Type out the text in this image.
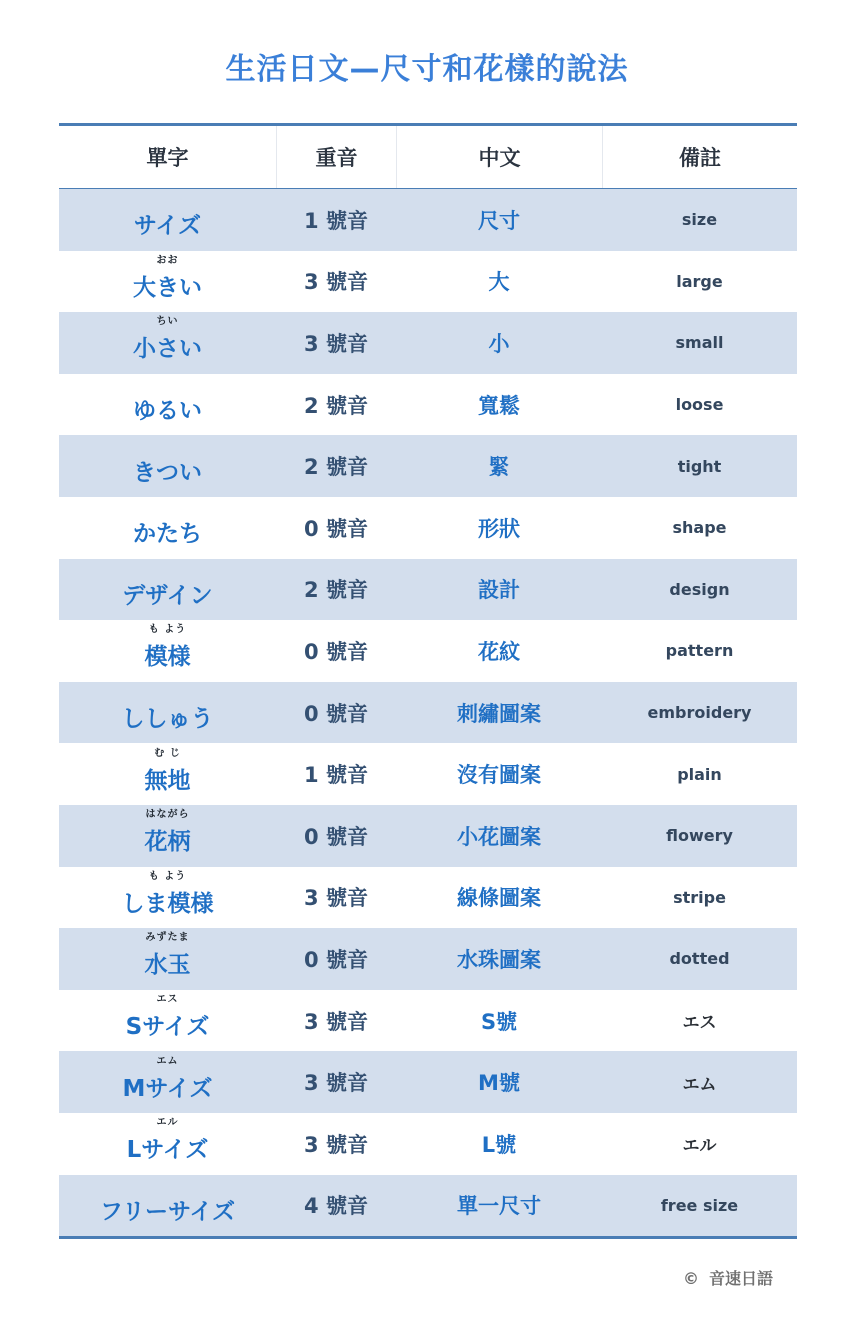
生活日文—尺寸和花樣的說法
單字	重音	中文	備註
サイズ	1 號音	尺寸	size
おお
大きい	3 號音	大	large
ちい
小さい	3 號音	小	small
ゆるい	2 號音	寬鬆	loose
きつい	2 號音	緊	tight
かたち	0 號音	形狀	shape
デザイン	2 號音	設計	design
も よう
模様	0 號音	花紋	pattern
ししゅう	0 號音	刺繡圖案	embroidery
む じ
無地	1 號音	沒有圖案	plain
はながら
花柄	0 號音	小花圖案	flowery
も よう
しま模様	3 號音	線條圖案	stripe
みずたま
水玉	0 號音	水珠圖案	dotted
エス
Sサイズ	3 號音	S號	エス
エム
Mサイズ	3 號音	M號	エム
エル
Lサイズ	3 號音	L號	エル
フリーサイズ	4 號音	單一尺寸	free size
© 音速日語
